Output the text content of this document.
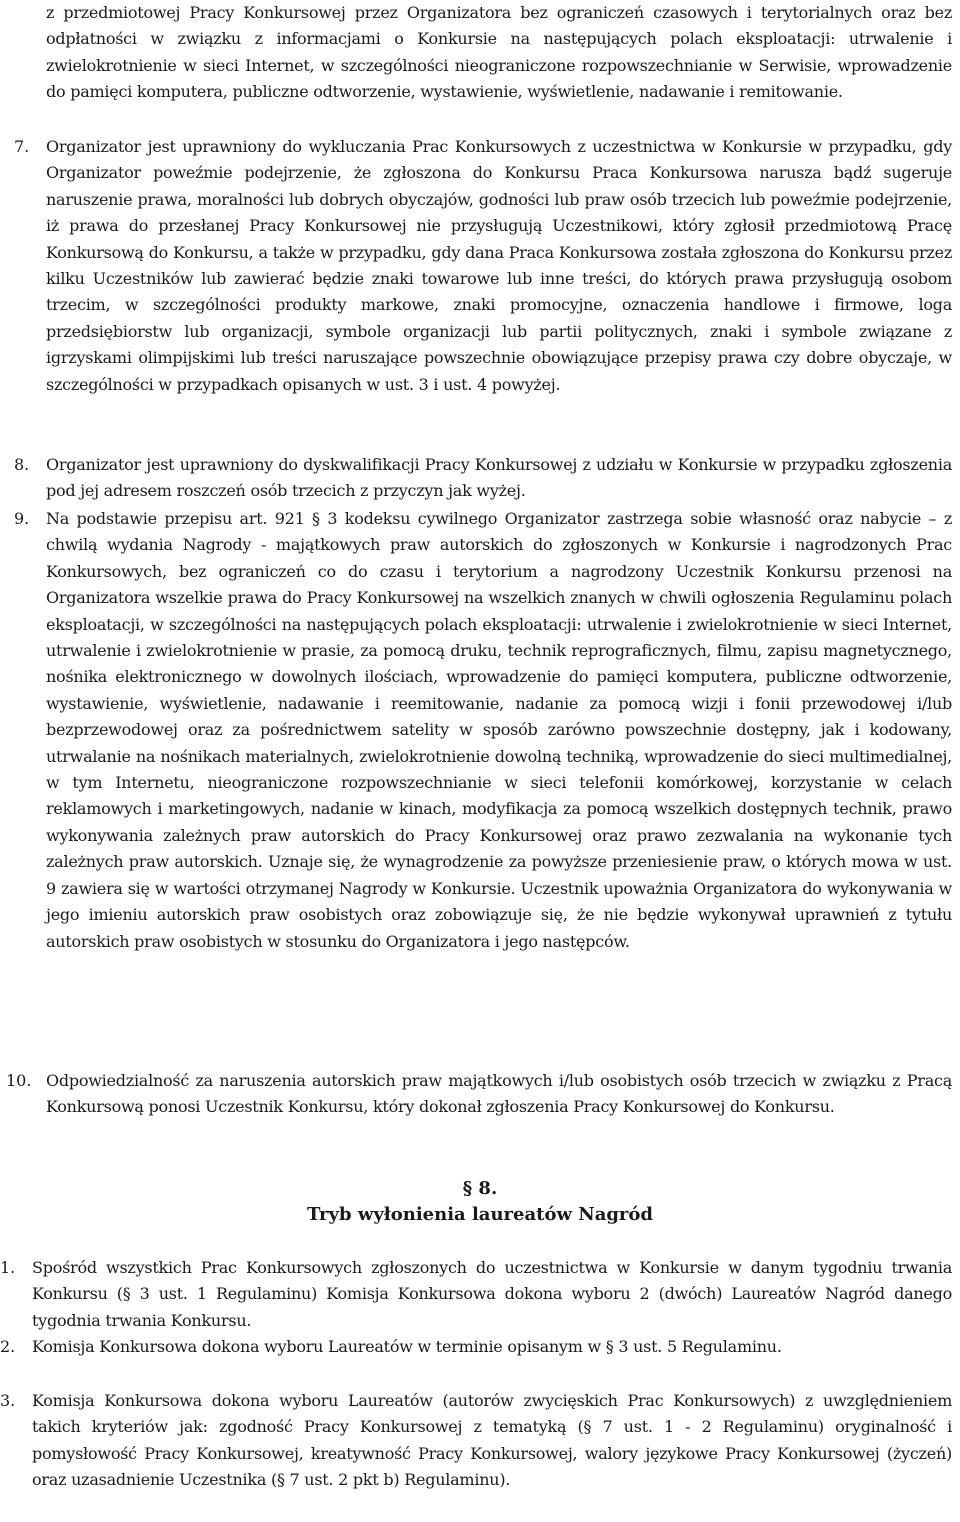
z przedmiotowej Pracy Konkursowej przez Organizatora bez ograniczeń czasowych i terytorialnych oraz bez odpłatności w związku z informacjami o Konkursie na następujących polach eksploatacji: utrwalenie i zwielokrotnienie w sieci Internet, w szczególności nieograniczone rozpowszechnianie w Serwisie, wprowadzenie do pamięci komputera, publiczne odtworzenie, wystawienie, wyświetlenie, nadawanie i remitowanie.
7. Organizator jest uprawniony do wykluczania Prac Konkursowych z uczestnictwa w Konkursie w przypadku, gdy Organizator poweźmie podejrzenie, że zgłoszona do Konkursu Praca Konkursowa narusza bądź sugeruje naruszenie prawa, moralności lub dobrych obyczajów, godności lub praw osób trzecich lub poweźmie podejrzenie, iż prawa do przesłanej Pracy Konkursowej nie przysługują Uczestnikowi, który zgłosił przedmiotową Pracę Konkursową do Konkursu, a także w przypadku, gdy dana Praca Konkursowa została zgłoszona do Konkursu przez kilku Uczestników lub zawierać będzie znaki towarowe lub inne treści, do których prawa przysługują osobom trzecim, w szczególności produkty markowe, znaki promocyjne, oznaczenia handlowe i firmowe, loga przedsiębiorstw lub organizacji, symbole organizacji lub partii politycznych, znaki i symbole związane z igrzyskami olimpijskimi lub treści naruszające powszechnie obowiązujące przepisy prawa czy dobre obyczaje, w szczególności w przypadkach opisanych w ust. 3 i ust. 4 powyżej.
8. Organizator jest uprawniony do dyskwalifikacji Pracy Konkursowej z udziału w Konkursie w przypadku zgłoszenia pod jej adresem roszczeń osób trzecich z przyczyn jak wyżej.
9. Na podstawie przepisu art. 921 § 3 kodeksu cywilnego Organizator zastrzega sobie własność oraz nabycie – z chwilą wydania Nagrody - majątkowych praw autorskich do zgłoszonych w Konkursie i nagrodzonych Prac Konkursowych, bez ograniczeń co do czasu i terytorium a nagrodzony Uczestnik Konkursu przenosi na Organizatora wszelkie prawa do Pracy Konkursowej na wszelkich znanych w chwili ogłoszenia Regulaminu polach eksploatacji, w szczególności na następujących polach eksploatacji: utrwalenie i zwielokrotnienie w sieci Internet, utrwalenie i zwielokrotnienie w prasie, za pomocą druku, technik reprograficznych, filmu, zapisu magnetycznego, nośnika elektronicznego w dowolnych ilościach, wprowadzenie do pamięci komputera, publiczne odtworzenie, wystawienie, wyświetlenie, nadawanie i reemitowanie, nadanie za pomocą wizji i fonii przewodowej i/lub bezprzewodowej oraz za pośrednictwem satelity w sposób zarówno powszechnie dostępny, jak i kodowany, utrwalanie na nośnikach materialnych, zwielokrotnienie dowolną techniką, wprowadzenie do sieci multimedialnej, w tym Internetu, nieograniczone rozpowszechnianie w sieci telefonii komórkowej, korzystanie w celach reklamowych i marketingowych, nadanie w kinach, modyfikacja za pomocą wszelkich dostępnych technik, prawo wykonywania zależnych praw autorskich do Pracy Konkursowej oraz prawo zezwalania na wykonanie tych zależnych praw autorskich. Uznaje się, że wynagrodzenie za powyższe przeniesienie praw, o których mowa w ust. 9 zawiera się w wartości otrzymanej Nagrody w Konkursie. Uczestnik upoważnia Organizatora do wykonywania w jego imieniu autorskich praw osobistych oraz zobowiązuje się, że nie będzie wykonywał uprawnień z tytułu autorskich praw osobistych w stosunku do Organizatora i jego następców.
10. Odpowiedzialność za naruszenia autorskich praw majątkowych i/lub osobistych osób trzecich w związku z Pracą Konkursową ponosi Uczestnik Konkursu, który dokonał zgłoszenia Pracy Konkursowej do Konkursu.
§ 8.
Tryb wyłonienia laureatów Nagród
1. Spośród wszystkich Prac Konkursowych zgłoszonych do uczestnictwa w Konkursie w danym tygodniu trwania Konkursu (§ 3 ust. 1 Regulaminu) Komisja Konkursowa dokona wyboru 2 (dwóch) Laureatów Nagród danego tygodnia trwania Konkursu.
2. Komisja Konkursowa dokona wyboru Laureatów w terminie opisanym w § 3 ust. 5 Regulaminu.
3. Komisja Konkursowa dokona wyboru Laureatów (autorów zwycięskich Prac Konkursowych) z uwzględnieniem takich kryteriów jak: zgodność Pracy Konkursowej z tematyką (§ 7 ust. 1 - 2 Regulaminu) oryginalność i pomysłowość Pracy Konkursowej, kreatywność Pracy Konkursowej, walory językowe Pracy Konkursowej (życzeń) oraz uzasadnienie Uczestnika (§ 7 ust. 2 pkt b) Regulaminu).
